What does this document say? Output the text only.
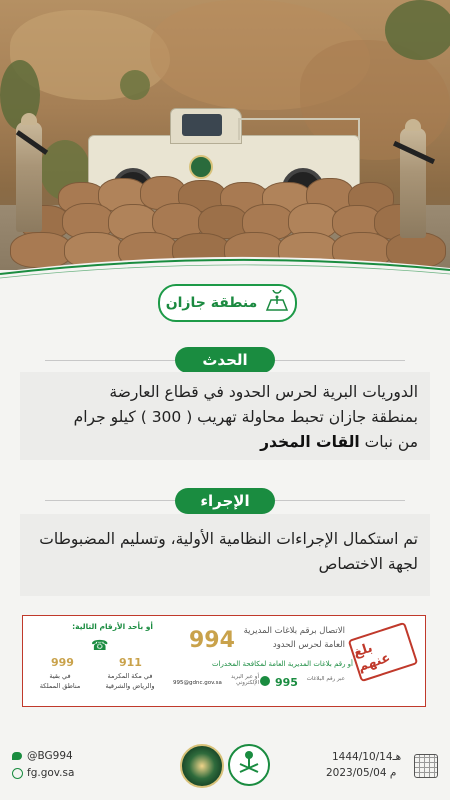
منطقة جازان
الحدث
الدوريات البرية لحرس الحدود في قطاع العارضة
بمنطقة جازان تحبط محاولة تهريب ( 300 ) كيلو جرام
من نبات القات المخدر
الإجراء
تم استكمال الإجراءات النظامية الأولية، وتسليم المضبوطات
لجهة الاختصاص
بلغ عنهم
994	الاتصال برقم بلاغات المديرية
العامة لحرس الحدود
أو رقم بلاغات المديرية العامة لمكافحة المخدرات
995@gdnc.gov.sa
أو عبر البريد الإلكتروني 995	عبر رقم البلاغات
أو بأحد الأرقام التالية:
☎
911
في مكة المكرمة
والرياض والشرقية
999
في بقية
مناطق المملكة
@BG994
fg.gov.sa
1444/10/14هـ
2023/05/04 م
